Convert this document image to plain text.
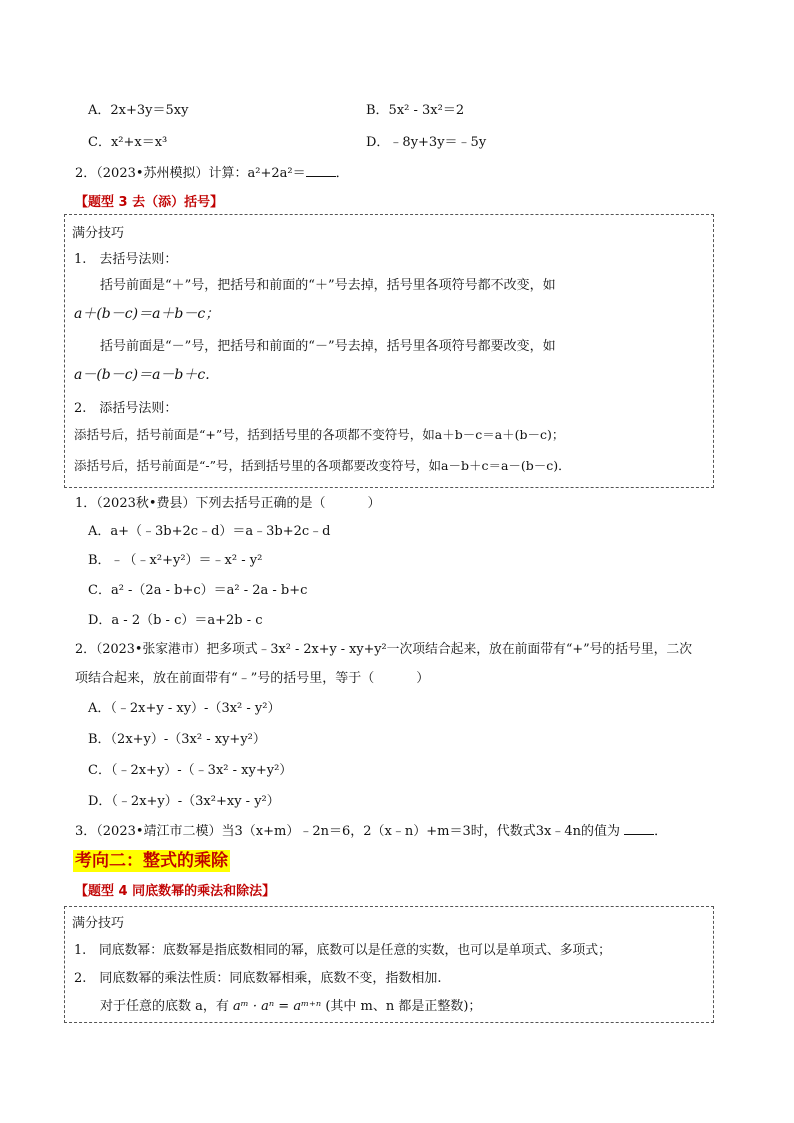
A．2x+3y＝5xy	B．5x² - 3x²＝2
C．x²+x＝x³	D．﹣8y+3y＝﹣5y
2．（2023•苏州模拟）计算：a²+2a²＝ ．
【题型 3 去（添）括号】
满分技巧
1.　去括号法则：
括号前面是“＋”号，把括号和前面的“＋”号去掉，括号里各项符号都不改变，如
a＋(b－c)＝a＋b－c；
括号前面是“－”号，把括号和前面的“－”号去掉，括号里各项符号都要改变，如
a－(b－c)＝a－b＋c.
2.　添括号法则：
添括号后，括号前面是“+”号，括到括号里的各项都不变符号，如a＋b－c＝a＋(b－c)；
添括号后，括号前面是“-”号，括到括号里的各项都要改变符号，如a－b＋c＝a－(b－c)．
1．（2023秋•费县）下列去括号正确的是（	）
A．a+（﹣3b+2c﹣d）＝a﹣3b+2c﹣d
B．﹣（﹣x²+y²）＝﹣x² - y²
C．a² -（2a - b+c）＝a² - 2a - b+c
D．a - 2（b - c）＝a+2b - c
2．（2023•张家港市）把多项式﹣3x² - 2x+y - xy+y²一次项结合起来，放在前面带有“+”号的括号里，二次
项结合起来，放在前面带有“﹣”号的括号里，等于（	）
A．（﹣2x+y - xy）-（3x² - y²）
B．（2x+y）-（3x² - xy+y²）
C．（﹣2x+y）-（﹣3x² - xy+y²）
D．（﹣2x+y）-（3x²+xy - y²）
3．（2023•靖江市二模）当3（x+m）﹣2n＝6，2（x﹣n）+m＝3时，代数式3x﹣4n的值为	．
考向二：整式的乘除
【题型 4 同底数幂的乘法和除法】
满分技巧
1.　同底数幂：底数幂是指底数相同的幂，底数可以是任意的实数，也可以是单项式、多项式；
2.　同底数幂的乘法性质：同底数幂相乘，底数不变，指数相加.
对于任意的底数 a，有 aᵐ · aⁿ = aᵐ⁺ⁿ (其中 m、n 都是正整数)；
